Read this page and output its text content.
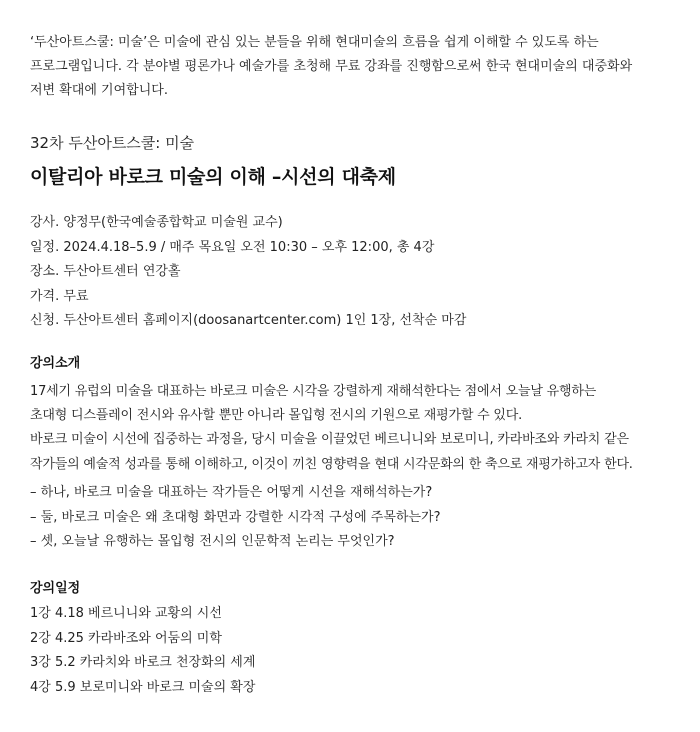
‘두산아트스쿨: 미술’은 미술에 관심 있는 분들을 위해 현대미술의 흐름을 쉽게 이해할 수 있도록 하는

프로그램입니다. 각 분야별 평론가나 예술가를 초청해 무료 강좌를 진행함으로써 한국 현대미술의 대중화와

저변 확대에 기여합니다.

32차 두산아트스쿨: 미술
이탈리아 바로크 미술의 이해 –시선의 대축제

강사. 양정무(한국예술종합학교 미술원 교수)

일정. 2024.4.18–5.9 / 매주 목요일 오전 10:30 – 오후 12:00, 총 4강

장소. 두산아트센터 연강홀

가격. 무료

신청. 두산아트센터 홈페이지(doosanartcenter.com) 1인 1장, 선착순 마감

강의소개

17세기 유럽의 미술을 대표하는 바로크 미술은 시각을 강렬하게 재해석한다는 점에서 오늘날 유행하는

초대형 디스플레이 전시와 유사할 뿐만 아니라 몰입형 전시의 기원으로 재평가할 수 있다.

바로크 미술이 시선에 집중하는 과정을, 당시 미술을 이끌었던 베르니니와 보로미니, 카라바조와 카라치 같은

작가들의 예술적 성과를 통해 이해하고, 이것이 끼친 영향력을 현대 시각문화의 한 축으로 재평가하고자 한다.

– 하나, 바로크 미술을 대표하는 작가들은 어떻게 시선을 재해석하는가?

– 둘, 바로크 미술은 왜 초대형 화면과 강렬한 시각적 구성에 주목하는가?

– 셋, 오늘날 유행하는 몰입형 전시의 인문학적 논리는 무엇인가?

강의일정

1강 4.18 베르니니와 교황의 시선

2강 4.25 카라바조와 어둠의 미학

3강 5.2 카라치와 바로크 천장화의 세계

4강 5.9 보로미니와 바로크 미술의 확장
